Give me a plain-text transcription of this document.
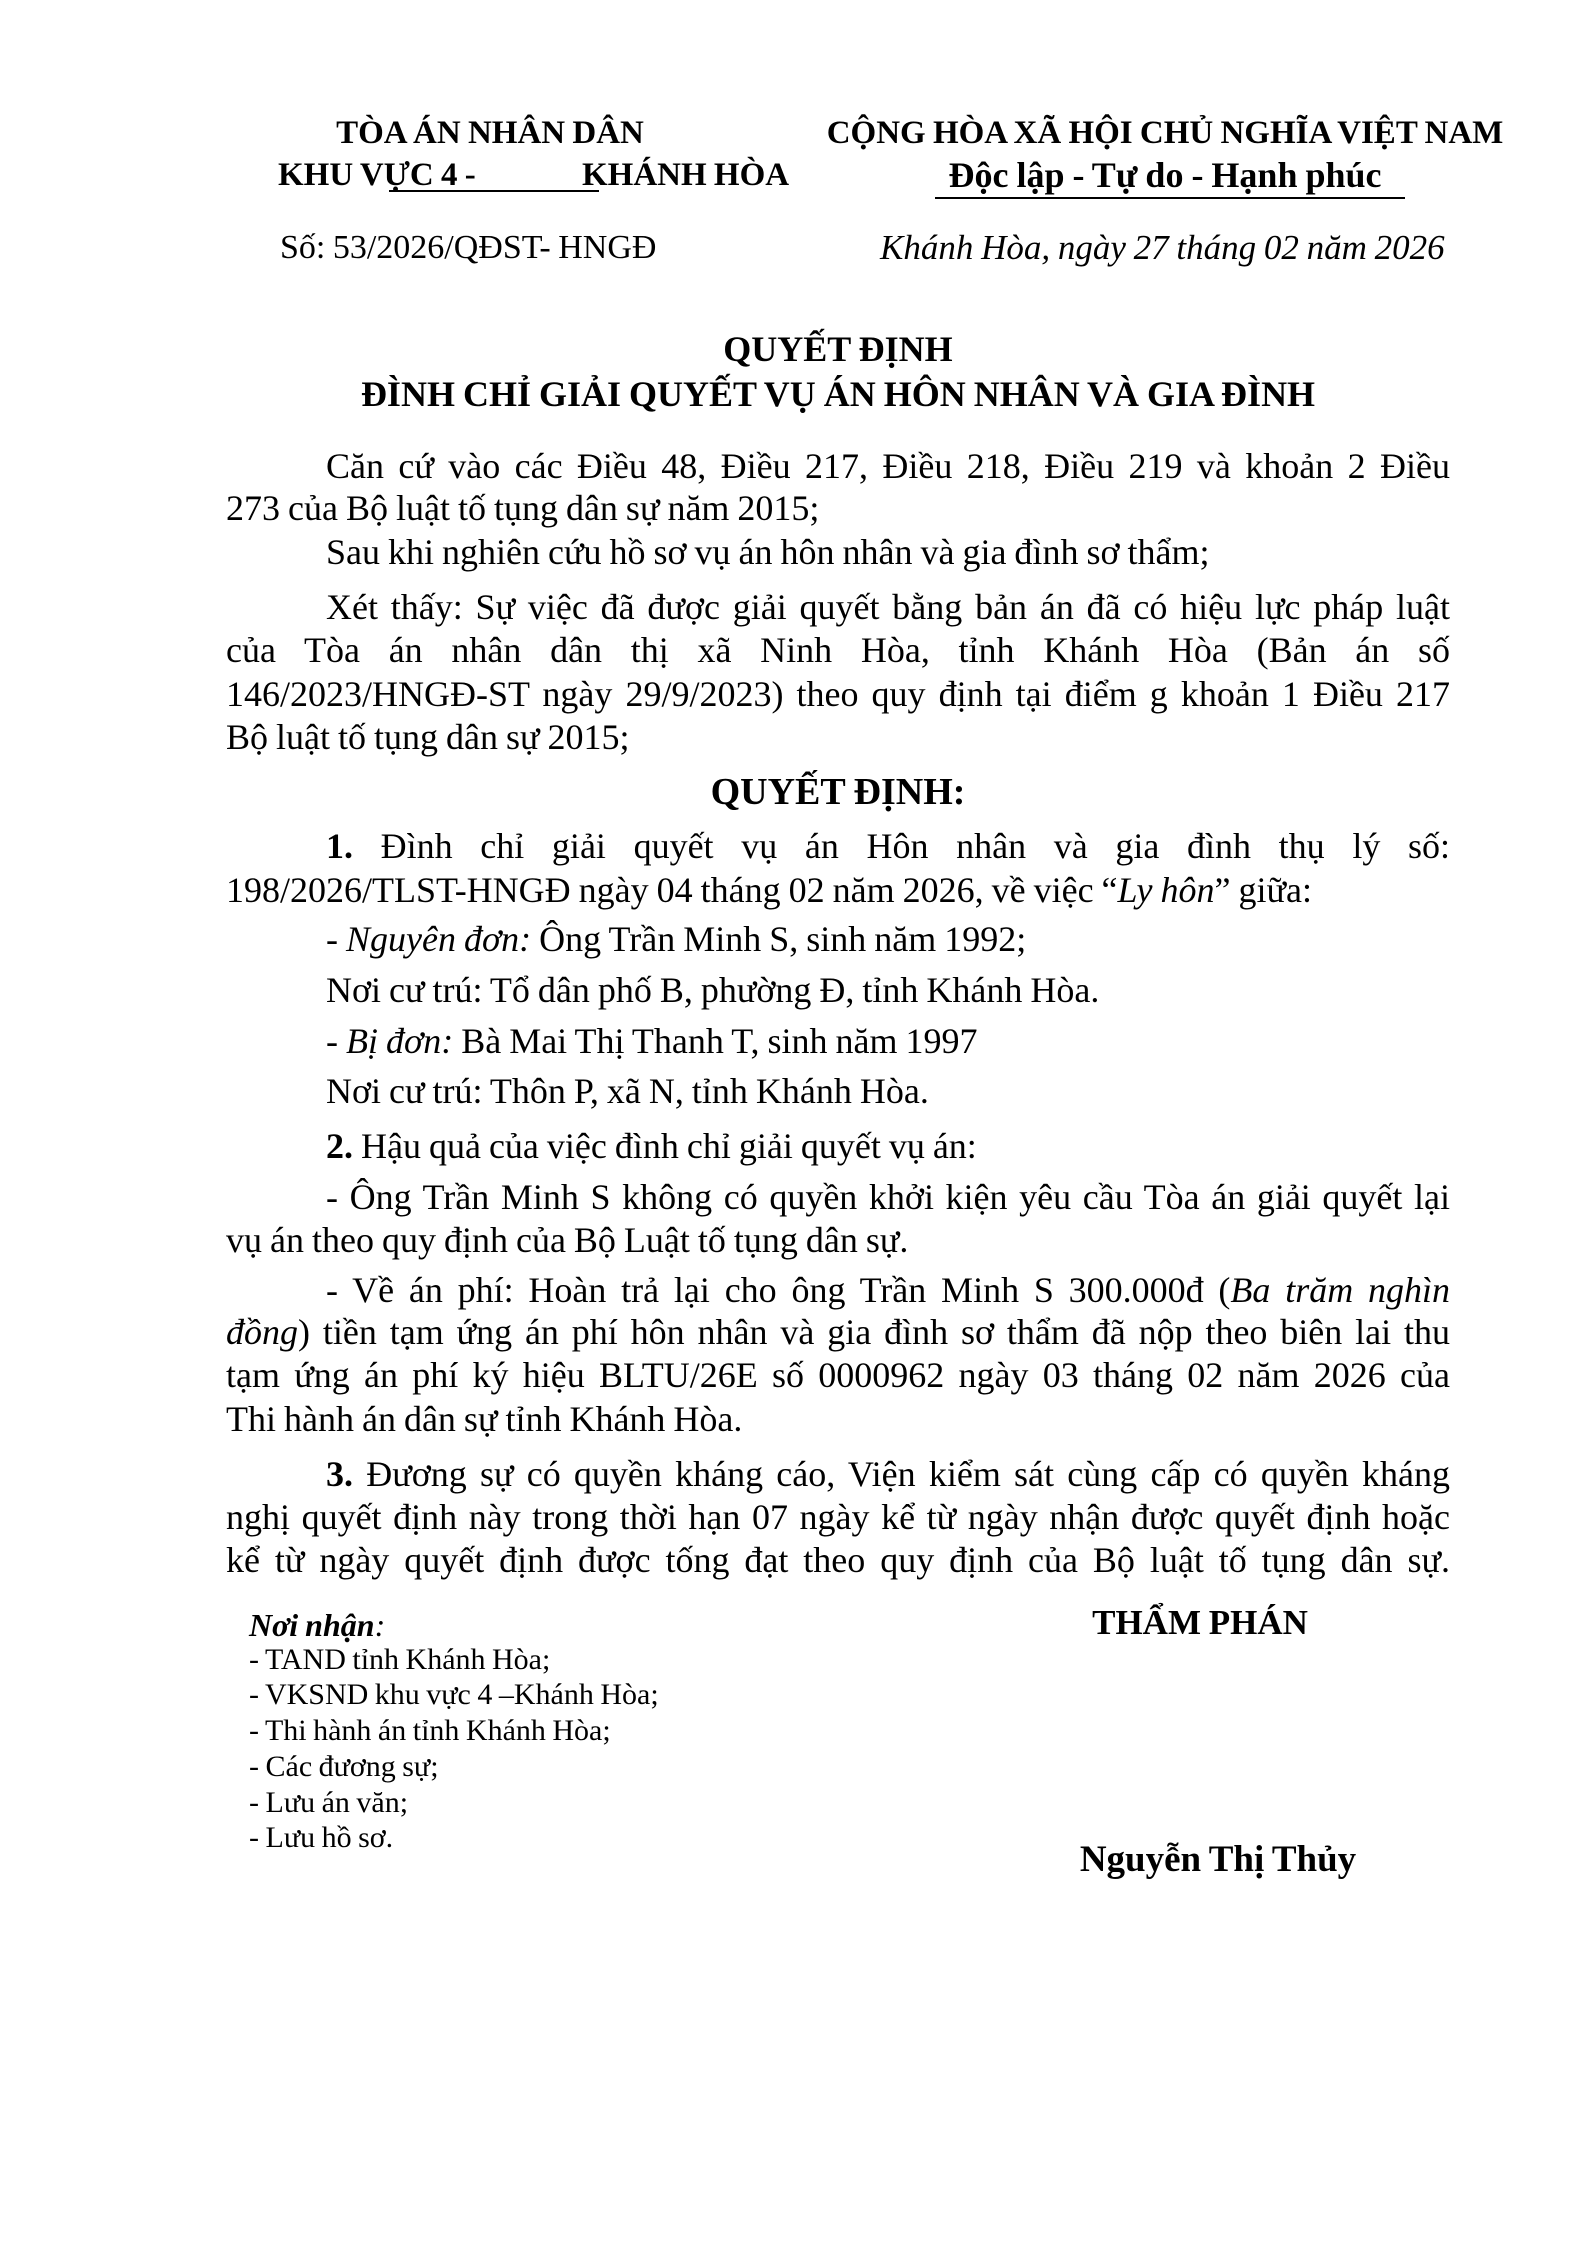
TÒA ÁN NHÂN DÂN
KHU VỰC 4 -	KHÁNH HÒA
CỘNG HÒA XÃ HỘI CHỦ NGHĨA VIỆT NAM
Độc lập - Tự do - Hạnh phúc
Số: 53/2026/QĐST- HNGĐ	Khánh Hòa, ngày 27 tháng 02 năm 2026
QUYẾT ĐỊNH
ĐÌNH CHỈ GIẢI QUYẾT VỤ ÁN HÔN NHÂN VÀ GIA ĐÌNH
Căn cứ vào các Điều 48, Điều 217, Điều 218, Điều 219 và khoản 2 Điều
273 của Bộ luật tố tụng dân sự năm 2015;
Sau khi nghiên cứu hồ sơ vụ án hôn nhân và gia đình sơ thẩm;
Xét thấy: Sự việc đã được giải quyết bằng bản án đã có hiệu lực pháp luật
của Tòa án nhân dân thị xã Ninh Hòa, tỉnh Khánh Hòa (Bản án số
146/2023/HNGĐ-ST ngày 29/9/2023) theo quy định tại điểm g khoản 1 Điều 217
Bộ luật tố tụng dân sự 2015;
QUYẾT ĐỊNH:
1. Đình chỉ giải quyết vụ án Hôn nhân và gia đình thụ lý số:
198/2026/TLST-HNGĐ ngày 04 tháng 02 năm 2026, về việc “Ly hôn” giữa:
- Nguyên đơn: Ông Trần Minh S, sinh năm 1992;
Nơi cư trú: Tổ dân phố B, phường Đ, tỉnh Khánh Hòa.
- Bị đơn: Bà Mai Thị Thanh T, sinh năm 1997
Nơi cư trú: Thôn P, xã N, tỉnh Khánh Hòa.
2. Hậu quả của việc đình chỉ giải quyết vụ án:
- Ông Trần Minh S không có quyền khởi kiện yêu cầu Tòa án giải quyết lại
vụ án theo quy định của Bộ Luật tố tụng dân sự.
- Về án phí: Hoàn trả lại cho ông Trần Minh S 300.000đ (Ba trăm nghìn
đồng) tiền tạm ứng án phí hôn nhân và gia đình sơ thẩm đã nộp theo biên lai thu
tạm ứng án phí ký hiệu BLTU/26E số 0000962 ngày 03 tháng 02 năm 2026 của
Thi hành án dân sự tỉnh Khánh Hòa.
3. Đương sự có quyền kháng cáo, Viện kiểm sát cùng cấp có quyền kháng
nghị quyết định này trong thời hạn 07 ngày kể từ ngày nhận được quyết định hoặc
kể từ ngày quyết định được tống đạt theo quy định của Bộ luật tố tụng dân sự.
Nơi nhận:
- TAND tỉnh Khánh Hòa;
- VKSND khu vực 4 –Khánh Hòa;
- Thi hành án tỉnh Khánh Hòa;
- Các đương sự;
- Lưu án văn;
- Lưu hồ sơ.
THẨM PHÁN
Nguyễn Thị Thủy
